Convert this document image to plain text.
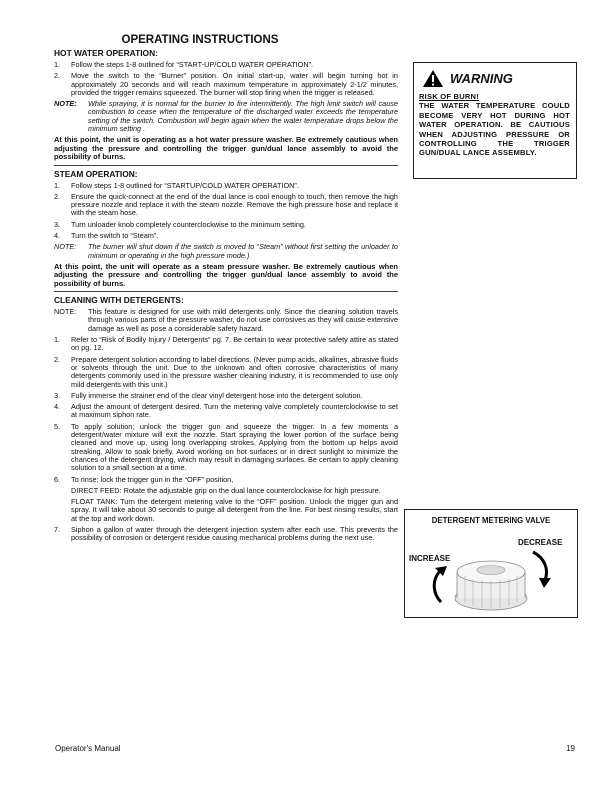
OPERATING INSTRUCTIONS
HOT WATER OPERATION:
1.	Follow the steps 1-8 outlined for “START-UP/COLD WATER OPERATION”.
2.	Move the switch to the “Burner” position. On initial start-up, water will begin turning hot in approximately 20 seconds and will reach maximum temperature in approximately 2-1/2 minutes, provided the trigger remains squeezed. The burner will stop firing when the trigger is released.
NOTE:	While spraying, it is normal for the burner to fire intermittently. The high limit switch will cause combustion to cease when the temperature of the discharged water exceeds the temperature setting of the switch. Combustion will begin again when the water temperature drops below the minimum setting .
At this point, the unit is operating as a hot water pressure washer. Be extremely cautious when adjusting the pressure and controlling the trigger gun/dual lance assembly to avoid the possibility of burns.
STEAM OPERATION:
1.	Follow steps 1-8 outlined for “STARTUP/COLD WATER OPERATION”.
2.	Ensure the quick-connect at the end of the dual lance is cool enough to touch, then remove the high pressure nozzle and replace it with the steam nozzle. Remove the high pressure hose and replace it with the steam hose.
3.	Turn unloader knob completely counterclockwise to the minimum setting.
4.	Turn the switch to “Steam”.
NOTE:	The burner will shut down if the switch is moved to “Steam” without first setting the unloader to minimum or operating in the high pressure mode.)
At this point, the unit will operate as a steam pressure washer. Be extremely cautious when adjusting the pressure and controlling the trigger gun/dual lance assembly to avoid the possibility of burns.
CLEANING WITH DETERGENTS:
NOTE:	This feature is designed for use with mild detergents only. Since the cleaning solution travels through various parts of the pressure washer, do not use corrosives as they will cause extensive damage as well as pose a considerable safety hazard.
1.	Refer to “Risk of Bodily Injury / Detergents” pg. 7. Be certain to wear protective safety attire as stated on pg. 12.
2.	Prepare detergent solution according to label directions. (Never pump acids, alkalines, abrasive fluids or solvents through the unit. Due to the unknown and often corrosive characteristics of many detergents commonly used in the pressure washer cleaning industry, it is recommended to use only mild detergents with this unit.)
3.	Fully immerse the strainer end of the clear vinyl detergent hose into the detergent solution.
4.	Adjust the amount of detergent desired. Turn the metering valve completely counterclockwise to set at maximum siphon rate.
5.	To apply solution; unlock the trigger gun and squeeze the trigger. In a few moments a detergent/water mixture will exit the nozzle. Start spraying the lower portion of the surface being cleaned and move up, using long overlapping strokes. Applying from the bottom up helps avoid streaking. Allow to soak briefly. Avoid working on hot surfaces or in direct sunlight to minimize the chances of the detergent drying, which may result in damaging surfaces. Be certain to apply cleaning solution to a small section at a time.
6.	To rinse; lock the trigger gun in the “OFF” position,
DIRECT FEED: Rotate the adjustable grip on the dual lance counterclockwise for high pressure.
FLOAT TANK: Turn the detergent metering valve to the “OFF” position. Unlock the trigger gun and spray. It will take about 30 seconds to purge all detergent from the line. For best rinsing results, start at the top and work down.
7.	Siphon a gallon of water through the detergent injection system after each use. This prevents the possibility of corrosion or detergent residue causing mechanical problems during the next use.
WARNING
RISK OF BURN!
THE WATER TEMPERATURE COULD BECOME VERY HOT DURING HOT WATER OPERATION. BE CAUTIOUS WHEN ADJUSTING PRESSURE OR CONTROLLING THE TRIGGER GUN/DUAL LANCE ASSEMBLY.
DETERGENT METERING VALVE
DECREASE
INCREASE
Operator's Manual	19
